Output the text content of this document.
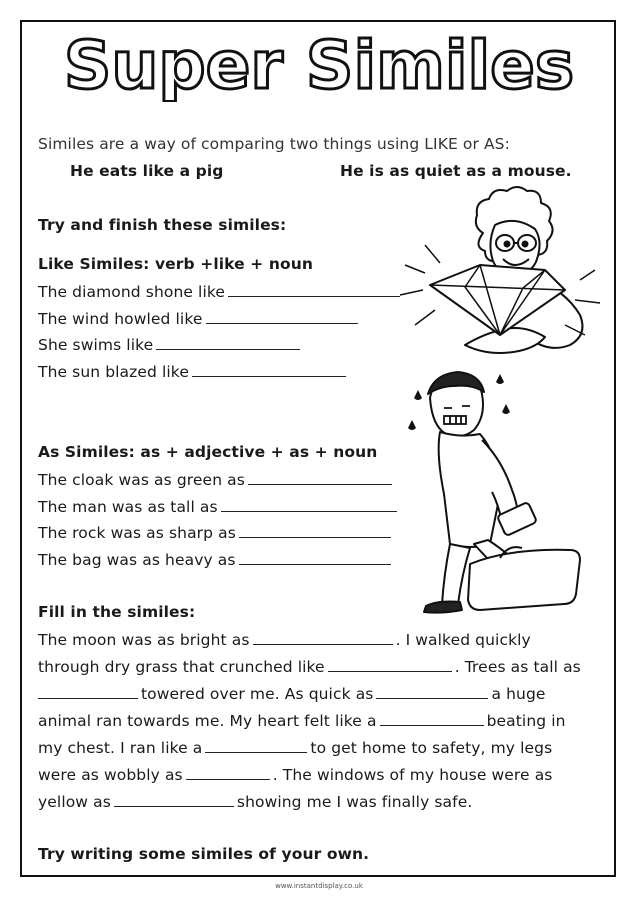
Super Similes
Similes are a way of comparing two things using LIKE or AS:
He eats like a pig	He is as quiet as a mouse.
Try and finish these similes:
Like Similes: verb +like + noun
The diamond shone like
The wind howled like
She swims like
The sun blazed like
As Similes: as + adjective + as + noun
The cloak was as green as
The man was as tall as
The rock was as sharp as
The bag was as heavy as
Fill in the similes:
The moon was as bright as	. I walked quickly
through dry grass that crunched like	. Trees as tall as
towered over me. As quick as	a huge
animal ran towards me. My heart felt like a	beating in
my chest. I ran like a	to get home to safety, my legs
were as wobbly as	. The windows of my house were as
yellow as	showing me I was finally safe.
Try writing some similes of your own.
www.instantdisplay.co.uk
